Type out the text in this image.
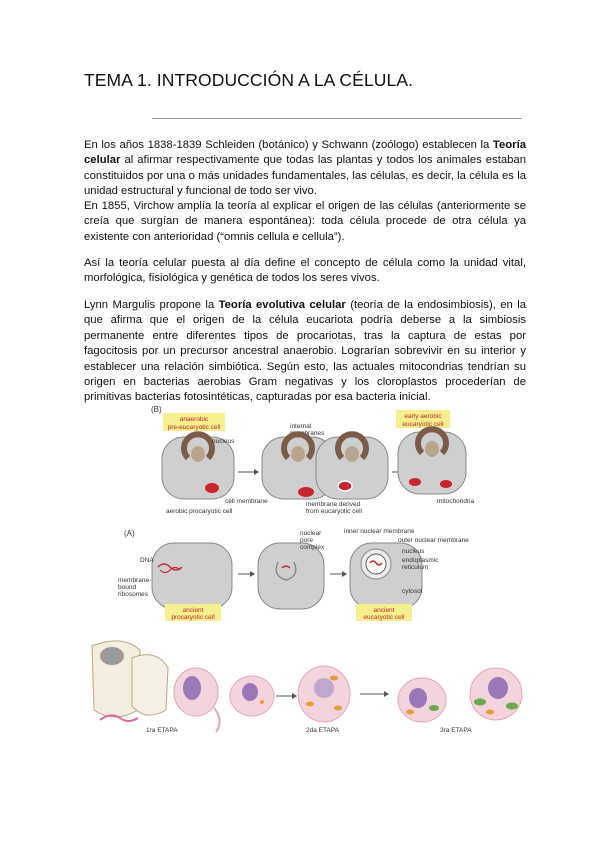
TEMA 1. INTRODUCCIÓN A LA CÉLULA.

En los años 1838-1839 Schleiden (botánico) y Schwann (zoólogo) establecen la Teoría celular al afirmar respectivamente que todas las plantas y todos los animales estaban constituidos por una o más unidades fundamentales, las células, es decir, la célula es la unidad estructural y funcional de todo ser vivo.

En 1855, Virchow amplía la teoría al explicar el origen de las células (anteriormente se creía que surgían de manera espontánea): toda célula procede de otra célula ya existente con anterioridad (“omnis cellula e cellula”).

Así la teoría celular puesta al día define el concepto de célula como la unidad vital, morfológica, fisiológica y genética de todos los seres vivos.

Lynn Margulis propone la Teoría evolutiva celular (teoría de la endosimbiosis), en la que afirma que el origen de la célula eucariota podría deberse a la simbiosis permanente entre diferentes tipos de procariotas, tras la captura de estas por fagocitosis por un precursor ancestral anaerobio. Lograrían sobrevivir en su interior y establecer una relación simbiótica. Según esto, las actuales mitocondrias tendrían su origen en bacterias aerobias Gram negativas y los cloroplastos procederían de primitivas bacterias fotosintéticas, capturadas por esa bacteria inicial.

(B)
anaerobic
pre-eucaryotic cell
early aerobic
eucaryotic cell
nucleus
internal
membranes
cell membrane
aerobic procaryotic cell
membrane derived
from eucaryotic cell
mitochondria
(A)
DNA
membrane-
bound
ribosomes
ancient
procaryotic cell
nuclear
pore
complex
inner nuclear membrane
outer nuclear membrane
nucleus
endoplasmic
reticulum
cytosol
ancient
eucaryotic cell
1ra ETAPA	2da ETAPA	3ra ETAPA
